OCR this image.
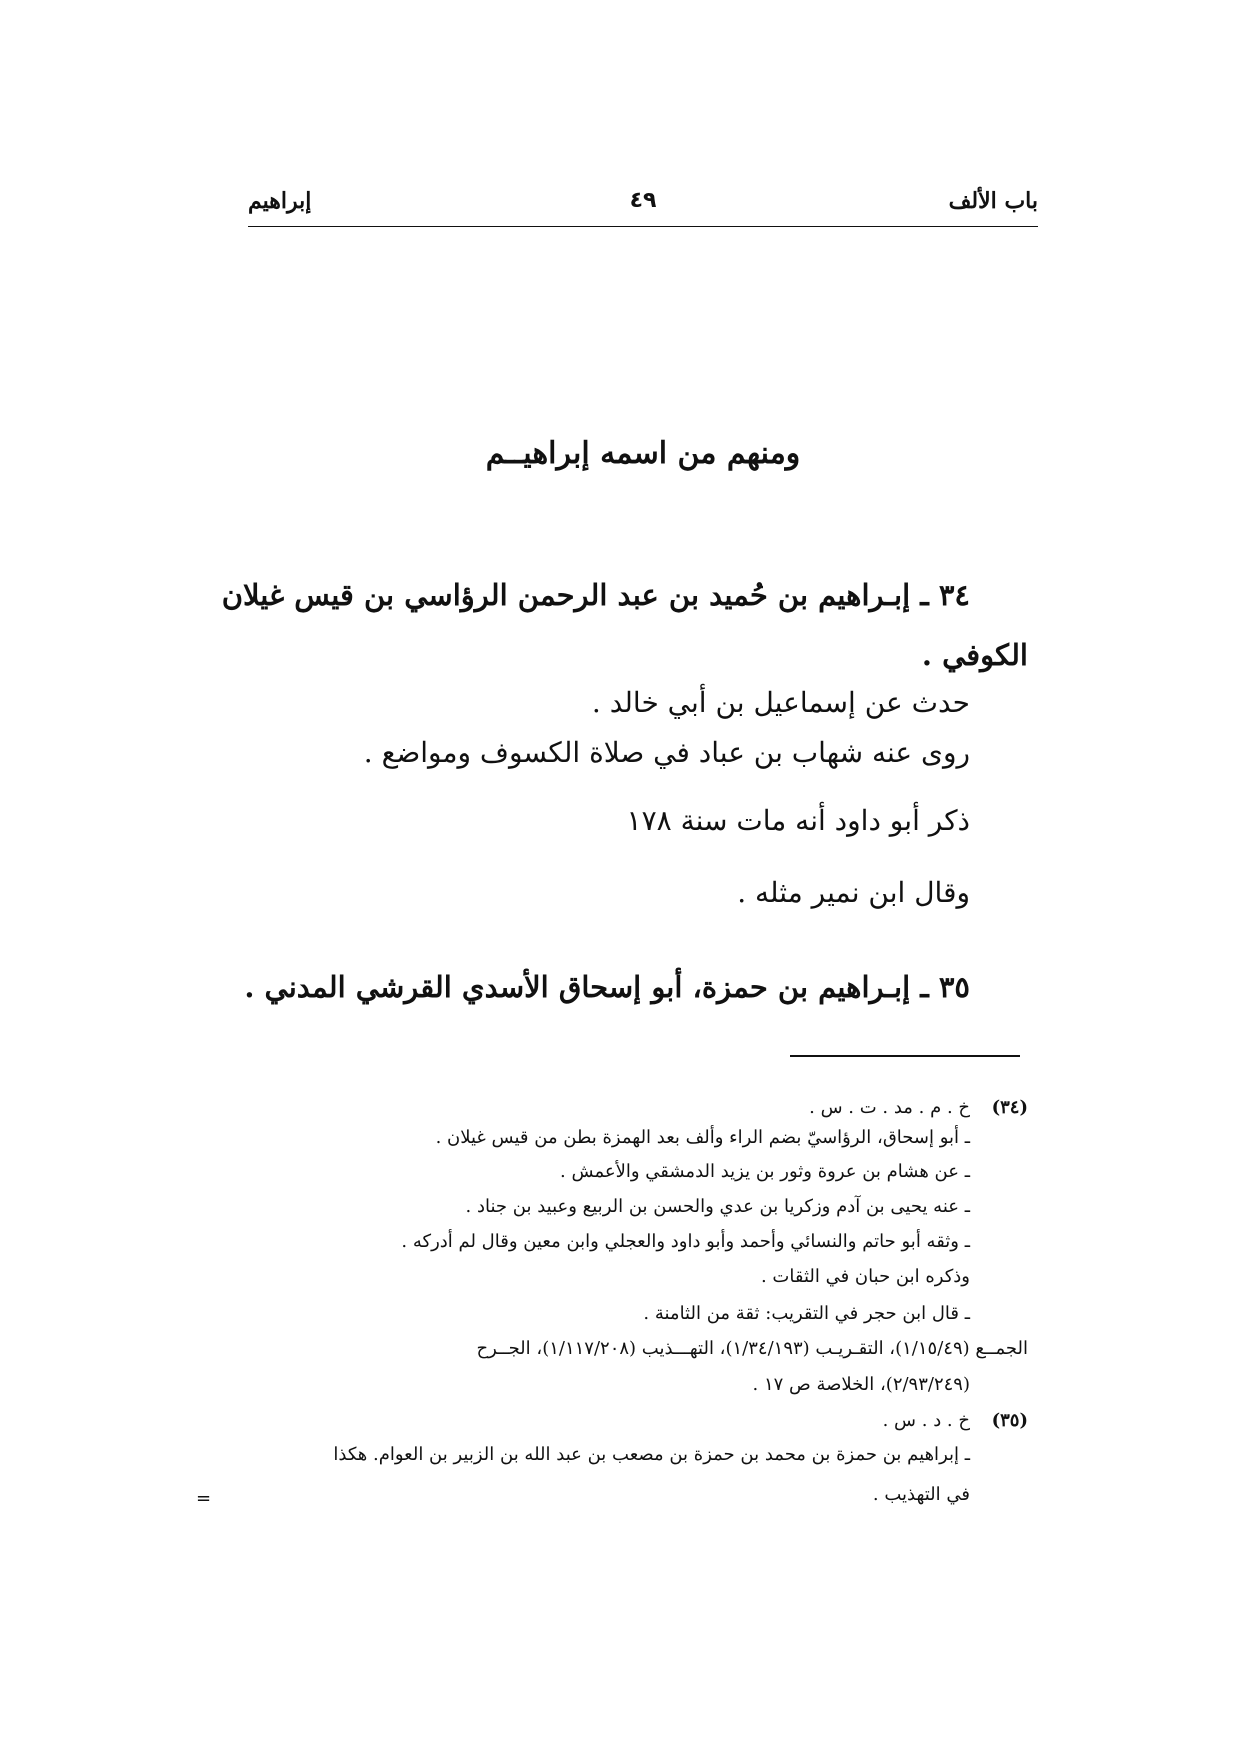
باب الألف
٤٩
إبراهيم
ومنهم من اسمه إبراهيــم
٣٤ ـ إبـراهيم بن حُميد بن عبد الرحمن الرؤاسي بن قيس غيلان
الكوفي .
حدث عن إسماعيل بن أبي خالد .
روى عنه شهاب بن عباد في صلاة الكسوف ومواضع .
ذكر أبو داود أنه مات سنة ١٧٨
وقال ابن نمير مثله .
٣٥ ـ إبـراهيم بن حمزة، أبو إسحاق الأسدي القرشي المدني .
(٣٤)
خ . م . مد . ت . س .
ـ أبو إسحاق، الرؤاسيّ بضم الراء وألف بعد الهمزة بطن من قيس غيلان .
ـ عن هشام بن عروة وثور بن يزيد الدمشقي والأعمش .
ـ عنه يحيى بن آدم وزكريا بن عدي والحسن بن الربيع وعبيد بن جناد .
ـ وثقه أبو حاتم والنسائي وأحمد وأبو داود والعجلي وابن معين وقال لم أدركه .
وذكره ابن حبان في الثقات .
ـ قال ابن حجر في التقريب: ثقة من الثامنة .
الجمــع (١/١٥/٤٩)، التقـريـب (١/٣٤/١٩٣)، التهـــذيب (١/١١٧/٢٠٨)، الجــرح
(٢/٩٣/٢٤٩)، الخلاصة ص ١٧ .
(٣٥)
خ . د . س .
ـ إبراهيم بن حمزة بن محمد بن حمزة بن مصعب بن عبد الله بن الزبير بن العوام. هكذا
في التهذيب .
=
